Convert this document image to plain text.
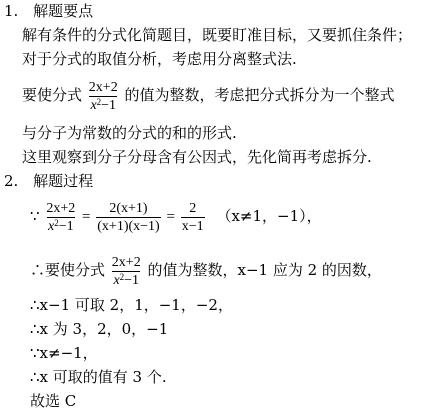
1. 解题要点
解有条件的分式化简题目，既要盯准目标，又要抓住条件；
对于分式的取值分析，考虑用分离整式法.
要使分式 $\frac{2x+2}{x^2-1}$ 的值为整数，考虑把分式拆分为一个整式
与分子为常数的分式的和的形式.
这里观察到分子分母含有公因式，先化简再考虑拆分.
2. 解题过程
∵ $\frac{2x+2}{x^2-1} = \frac{2(x+1)}{(x+1)(x-1)} = \frac{2}{x-1} (x\ne 1$，−1），
∴要使分式 $\frac{2x+2}{x^2-1}$ 的值为整数，x−1 应为 2 的因数，
∴x−1 可取 2，1，−1，−2，
∴x 为 3，2，0，−1
∵x≠−1，
∴x 可取的值有 3 个.
故选 C
